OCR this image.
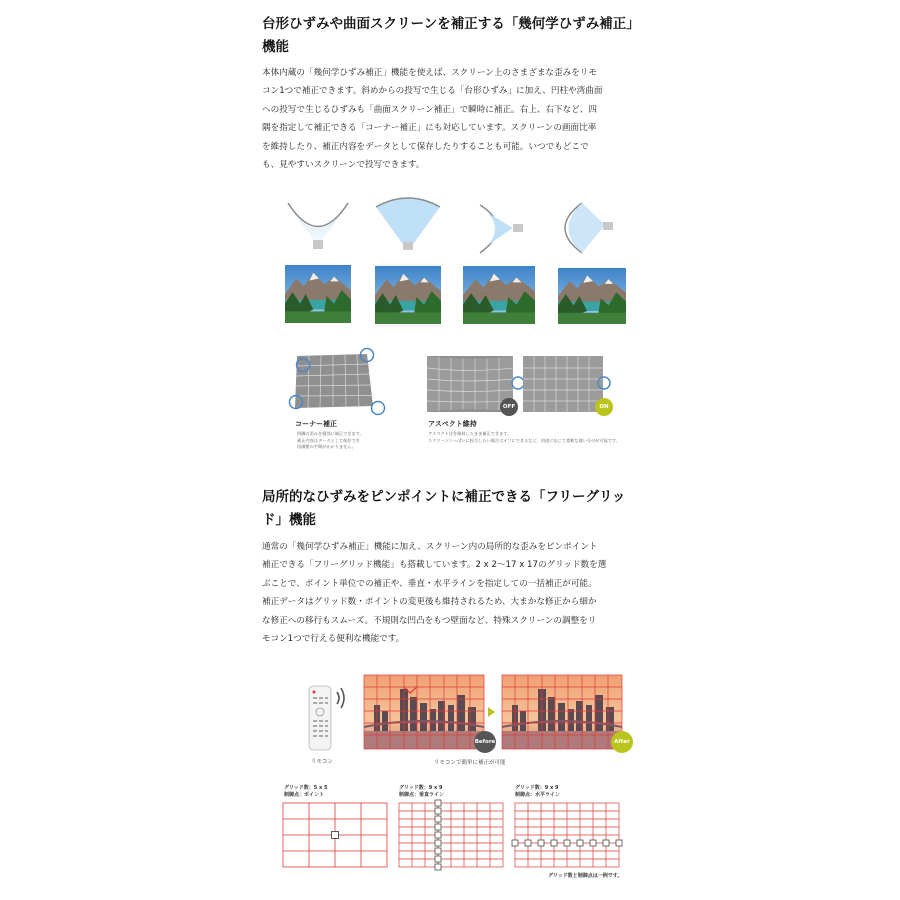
台形ひずみや曲面スクリーンを補正する「幾何学ひずみ補正」
機能
本体内蔵の「幾何学ひずみ補正」機能を使えば、スクリーン上のさまざまな歪みをリモ
コン1つで補正できます。斜めからの投写で生じる「台形ひずみ」に加え、円柱や湾曲面
への投写で生じるひずみも「曲面スクリーン補正」で瞬時に補正。右上、右下など、四
隅を指定して補正できる「コーナー補正」にも対応しています。スクリーンの画面比率
を維持したり、補正内容をデータとして保存したりすることも可能。いつでもどこで
も、見やすいスクリーンで投写できます。
コーナー補正
四隅の歪みを個別に補正できます。
補正内容はデータとして保存でき
再調整の手間がかかりません。
OFF	ON
アスペクト維持
アスペクト比を維持したまま補正できます。
スクリーンいっぱいに投写したい場合はオフにできるなど、用途に応じて柔軟な使い分けが可能です。
局所的なひずみをピンポイントに補正できる「フリーグリッ
ド」機能
通常の「幾何学ひずみ補正」機能に加え、スクリーン内の局所的な歪みをピンポイント
補正できる「フリーグリッド機能」も搭載しています。2 x 2〜17 x 17のグリッド数を選
ぶことで、ポイント単位での補正や、垂直・水平ラインを指定しての一括補正が可能。
補正データはグリッド数・ポイントの変更後も維持されるため、大まかな修正から細か
な修正への移行もスムーズ。不規則な凹凸をもつ壁面など、特殊スクリーンの調整をリ
モコン1つで行える便利な機能です。
リモコン
Before	After
リモコンで簡単に補正が可能
グリッド数：5 x 5
制御点：ポイント
グリッド数：9 x 9
制御点：垂直ライン
グリッド数：9 x 9
制御点：水平ライン
グリッド数と制御点は一例です。
